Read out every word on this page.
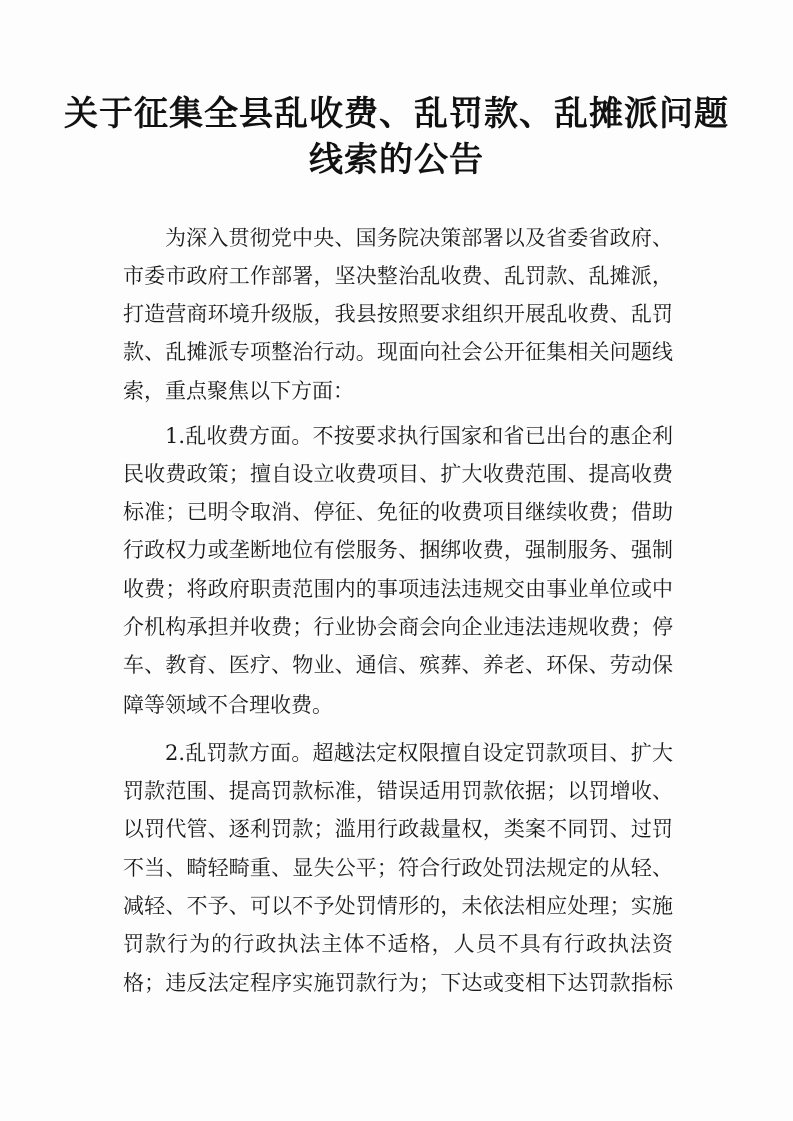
关于征集全县乱收费、乱罚款、乱摊派问题
线索的公告
为深入贯彻党中央、国务院决策部署以及省委省政府、
市委市政府工作部署，坚决整治乱收费、乱罚款、乱摊派，
打造营商环境升级版，我县按照要求组织开展乱收费、乱罚
款、乱摊派专项整治行动。现面向社会公开征集相关问题线
索，重点聚焦以下方面：
1.乱收费方面。不按要求执行国家和省已出台的惠企利
民收费政策；擅自设立收费项目、扩大收费范围、提高收费
标准；已明令取消、停征、免征的收费项目继续收费；借助
行政权力或垄断地位有偿服务、捆绑收费，强制服务、强制
收费；将政府职责范围内的事项违法违规交由事业单位或中
介机构承担并收费；行业协会商会向企业违法违规收费；停
车、教育、医疗、物业、通信、殡葬、养老、环保、劳动保
障等领域不合理收费。
2.乱罚款方面。超越法定权限擅自设定罚款项目、扩大
罚款范围、提高罚款标准，错误适用罚款依据；以罚增收、
以罚代管、逐利罚款；滥用行政裁量权，类案不同罚、过罚
不当、畸轻畸重、显失公平；符合行政处罚法规定的从轻、
减轻、不予、可以不予处罚情形的，未依法相应处理；实施
罚款行为的行政执法主体不适格，人员不具有行政执法资
格；违反法定程序实施罚款行为；下达或变相下达罚款指标
